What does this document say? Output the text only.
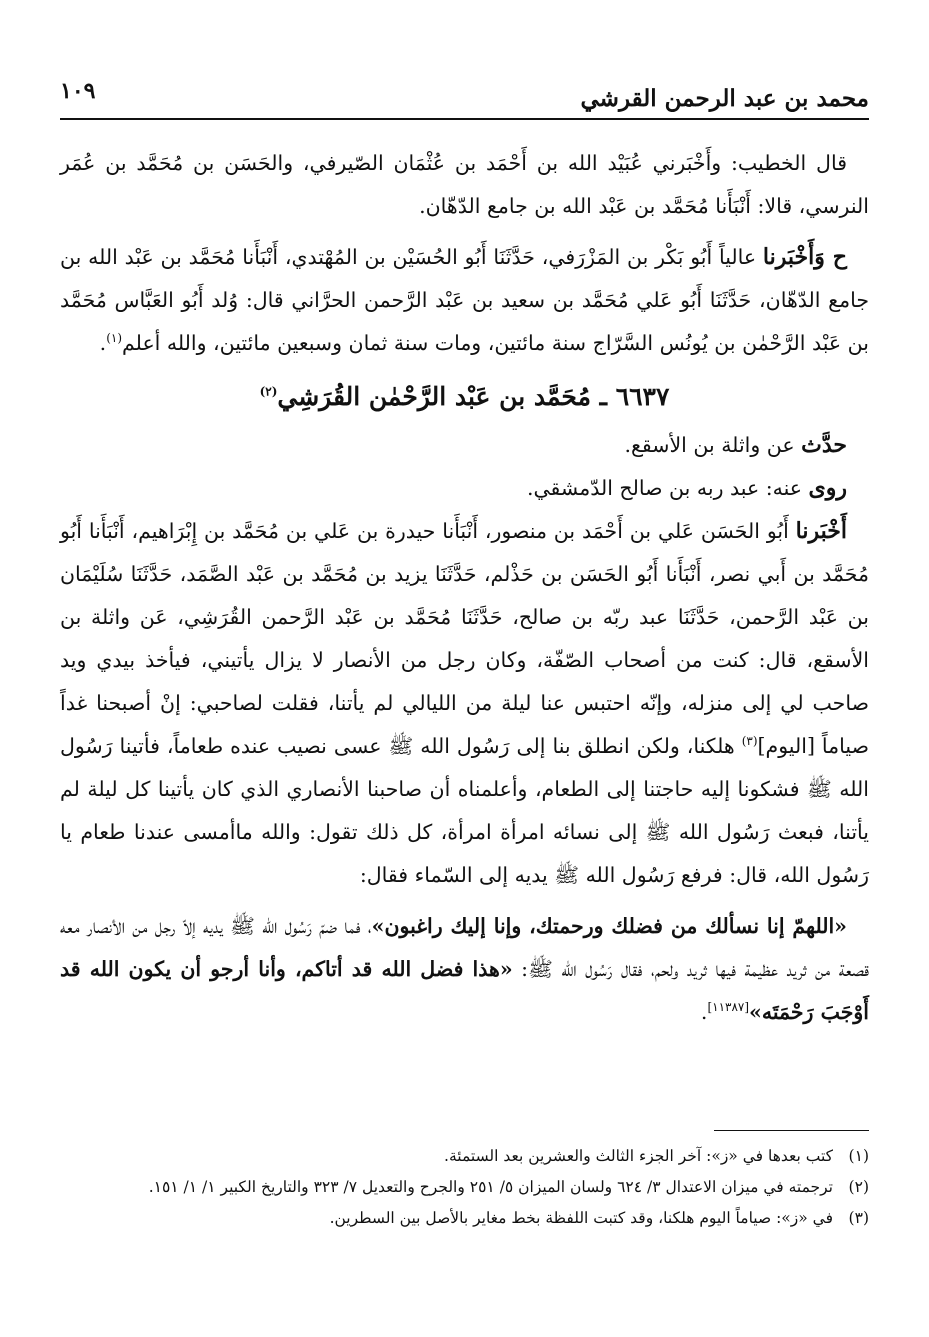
محمد بن عبد الرحمن القرشي
١٠٩

قال الخطيب: وأَخْبَرني عُبَيْد الله بن أَحْمَد بن عُثْمَان الصّيرفي، والحَسَن بن مُحَمَّد بن عُمَر النرسي، قالا: أَنْبَأَنا مُحَمَّد بن عَبْد الله بن جامع الدّهّان.

ح وَأَخْبَرنا عالياً أَبُو بَكْر بن المَزْرَفي، حَدَّثَنَا أَبُو الحُسَيْن بن المُهْتدي، أَنْبَأَنا مُحَمَّد بن عَبْد الله بن جامع الدّهّان، حَدَّثَنَا أَبُو عَلي مُحَمَّد بن سعيد بن عَبْد الرَّحمن الحرَّاني قال: وُلد أَبُو العَبَّاس مُحَمَّد بن عَبْد الرَّحْمٰن بن يُونُس السَّرّاج سنة مائتين، ومات سنة ثمان وسبعين مائتين، والله أعلم$^{(١)}$.

٦٦٣٧ ـ مُحَمَّد بن عَبْد الرَّحْمٰن القُرَشِي$^{(٢)}$

حدَّث عن واثلة بن الأسقع.

روى عنه: عبد ربه بن صالح الدّمشقي.

أَخْبَرنا أَبُو الحَسَن عَلي بن أَحْمَد بن منصور، أَنْبَأَنا حيدرة بن عَلي بن مُحَمَّد بن إِبْرَاهيم، أَنْبَأَنا أَبُو مُحَمَّد بن أَبي نصر، أَنْبَأَنا أَبُو الحَسَن بن حَذْلم، حَدَّثَنَا يزيد بن مُحَمَّد بن عَبْد الصَّمَد، حَدَّثَنَا سُلَيْمَان بن عَبْد الرَّحمن، حَدَّثَنَا عبد ربّه بن صالح، حَدَّثَنَا مُحَمَّد بن عَبْد الرَّحمن القُرَشِي، عَن واثلة بن الأسقع، قال: كنت من أصحاب الصّفّة، وكان رجل من الأنصار لا يزال يأتيني، فيأخذ بيدي ويد صاحب لي إلى منزله، وإنّه احتبس عنا ليلة من الليالي لم يأتنا، فقلت لصاحبي: إنْ أصبحنا غداً صياماً [اليوم]$^{(٣)}$ هلكنا، ولكن انطلق بنا إلى رَسُول الله ﷺ عسى نصيب عنده طعاماً، فأتينا رَسُول الله ﷺ فشكونا إليه حاجتنا إلى الطعام، وأعلمناه أن صاحبنا الأنصاري الذي كان يأتينا كل ليلة لم يأتنا، فبعث رَسُول الله ﷺ إلى نسائه امرأة امرأة، كل ذلك تقول: والله ماأمسى عندنا طعام يا رَسُول الله، قال: فرفع رَسُول الله ﷺ يديه إلى السّماء فقال:

«اللهمّ إنا نسألك من فضلك ورحمتك، وإنا إليك راغبون»، فما ضمّ رَسُول الله ﷺ يديه إلاّ رجل من الأنصار معه قصعة من ثريد عظيمة فيها ثريد ولحم، فقال رَسُول الله ﷺ: «هذا فضل الله قد أتاكم، وأنا أرجو أن يكون الله قد أَوْجَبَ رَحْمَتَه»[١١٣٨٧].

(١)
كتب بعدها في «ز»: آخر الجزء الثالث والعشرين بعد الستمئة.
(٢)
ترجمته في ميزان الاعتدال ٣/ ٦٢٤ ولسان الميزان ٥/ ٢٥١ والجرح والتعديل ٧/ ٣٢٣ والتاريخ الكبير ١/ ١/ ١٥١.
(٣)
في «ز»: صياماً اليوم هلكنا، وقد كتبت اللفظة بخط مغاير بالأصل بين السطرين.
